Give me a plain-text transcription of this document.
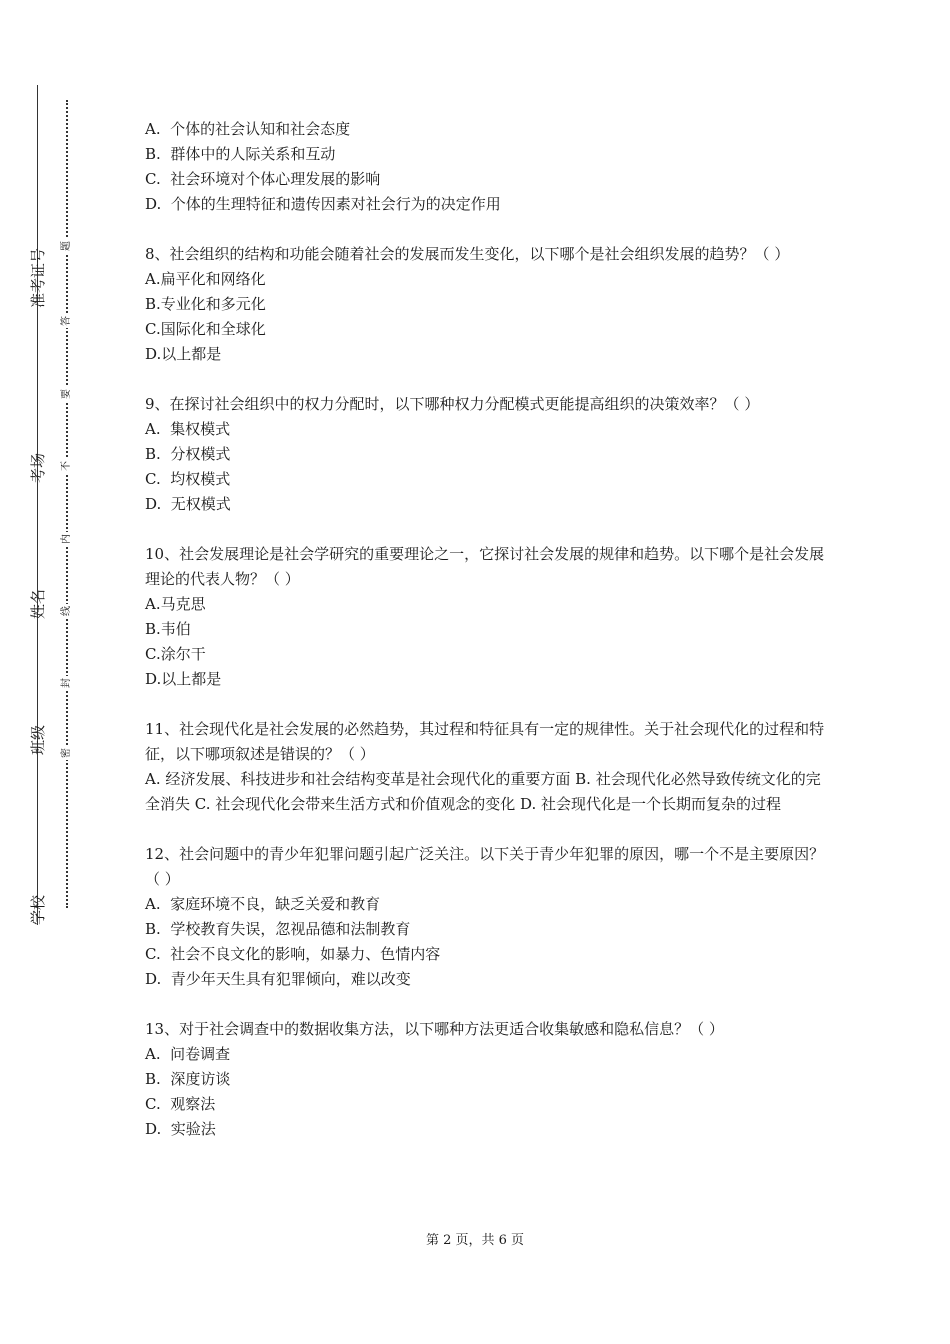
准考证号
考场
姓名
班级
学校
题
答
要
不
内
线
封
密

A.  个体的社会认知和社会态度

B.  群体中的人际关系和互动

C.  社会环境对个体心理发展的影响

D.  个体的生理特征和遗传因素对社会行为的决定作用

8、社会组织的结构和功能会随着社会的发展而发生变化，以下哪个是社会组织发展的趋势？（ ）

A.扁平化和网络化

B.专业化和多元化

C.国际化和全球化

D.以上都是

9、在探讨社会组织中的权力分配时，以下哪种权力分配模式更能提高组织的决策效率？（ ）

A.  集权模式

B.  分权模式

C.  均权模式

D.  无权模式

10、社会发展理论是社会学研究的重要理论之一，它探讨社会发展的规律和趋势。以下哪个是社会发展理论的代表人物？（ ）

A.马克思

B.韦伯

C.涂尔干

D.以上都是

11、社会现代化是社会发展的必然趋势，其过程和特征具有一定的规律性。关于社会现代化的过程和特征，以下哪项叙述是错误的？（ ）

A. 经济发展、科技进步和社会结构变革是社会现代化的重要方面 B. 社会现代化必然导致传统文化的完全消失 C. 社会现代化会带来生活方式和价值观念的变化 D. 社会现代化是一个长期而复杂的过程

12、社会问题中的青少年犯罪问题引起广泛关注。以下关于青少年犯罪的原因，哪一个不是主要原因？（ ）

A.  家庭环境不良，缺乏关爱和教育

B.  学校教育失误，忽视品德和法制教育

C.  社会不良文化的影响，如暴力、色情内容

D.  青少年天生具有犯罪倾向，难以改变

13、对于社会调查中的数据收集方法，以下哪种方法更适合收集敏感和隐私信息？（ ）

A.  问卷调查

B.  深度访谈

C.  观察法

D.  实验法

第 2 页，共 6 页
